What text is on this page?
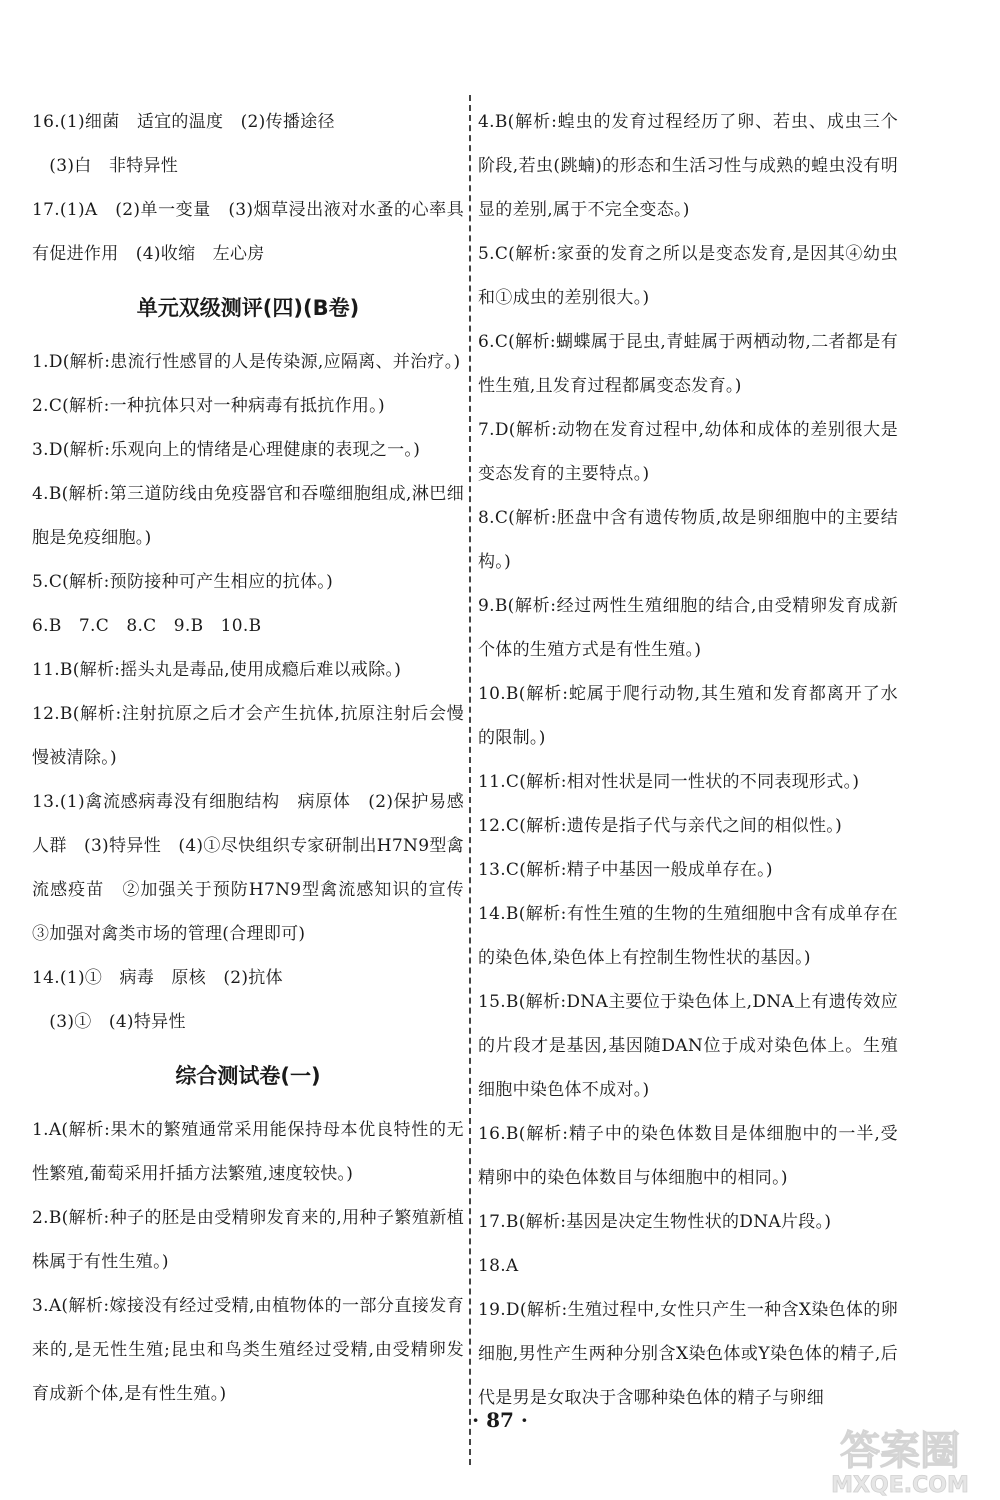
16.(1)细菌　适宜的温度　(2)传播途径

　(3)白　非特异性

17.(1)A　(2)单一变量　(3)烟草浸出液对水蚤的心率具有促进作用　(4)收缩　左心房

单元双级测评(四)(B卷)

1.D(解析:患流行性感冒的人是传染源,应隔离、并治疗。)

2.C(解析:一种抗体只对一种病毒有抵抗作用。)

3.D(解析:乐观向上的情绪是心理健康的表现之一。)

4.B(解析:第三道防线由免疫器官和吞噬细胞组成,淋巴细胞是免疫细胞。)

5.C(解析:预防接种可产生相应的抗体。)

6.B　7.C　8.C　9.B　10.B

11.B(解析:摇头丸是毒品,使用成瘾后难以戒除。)

12.B(解析:注射抗原之后才会产生抗体,抗原注射后会慢慢被清除。)

13.(1)禽流感病毒没有细胞结构　病原体　(2)保护易感人群　(3)特异性　(4)①尽快组织专家研制出H7N9型禽流感疫苗　②加强关于预防H7N9型禽流感知识的宣传　③加强对禽类市场的管理(合理即可)

14.(1)①　病毒　原核　(2)抗体

　(3)①　(4)特异性

综合测试卷(一)

1.A(解析:果木的繁殖通常采用能保持母本优良特性的无性繁殖,葡萄采用扦插方法繁殖,速度较快。)

2.B(解析:种子的胚是由受精卵发育来的,用种子繁殖新植株属于有性生殖。)

3.A(解析:嫁接没有经过受精,由植物体的一部分直接发育来的,是无性生殖;昆虫和鸟类生殖经过受精,由受精卵发育成新个体,是有性生殖。)

4.B(解析:蝗虫的发育过程经历了卵、若虫、成虫三个阶段,若虫(跳蝻)的形态和生活习性与成熟的蝗虫没有明显的差别,属于不完全变态。)

5.C(解析:家蚕的发育之所以是变态发育,是因其④幼虫和①成虫的差别很大。)

6.C(解析:蝴蝶属于昆虫,青蛙属于两栖动物,二者都是有性生殖,且发育过程都属变态发育。)

7.D(解析:动物在发育过程中,幼体和成体的差别很大是变态发育的主要特点。)

8.C(解析:胚盘中含有遗传物质,故是卵细胞中的主要结构。)

9.B(解析:经过两性生殖细胞的结合,由受精卵发育成新个体的生殖方式是有性生殖。)

10.B(解析:蛇属于爬行动物,其生殖和发育都离开了水的限制。)

11.C(解析:相对性状是同一性状的不同表现形式。)

12.C(解析:遗传是指子代与亲代之间的相似性。)

13.C(解析:精子中基因一般成单存在。)

14.B(解析:有性生殖的生物的生殖细胞中含有成单存在的染色体,染色体上有控制生物性状的基因。)

15.B(解析:DNA主要位于染色体上,DNA上有遗传效应的片段才是基因,基因随DAN位于成对染色体上。生殖细胞中染色体不成对。)

16.B(解析:精子中的染色体数目是体细胞中的一半,受精卵中的染色体数目与体细胞中的相同。)

17.B(解析:基因是决定生物性状的DNA片段。)

18.A

19.D(解析:生殖过程中,女性只产生一种含X染色体的卵细胞,男性产生两种分别含X染色体或Y染色体的精子,后代是男是女取决于含哪种染色体的精子与卵细

· 87 ·
答案圈
MXQE.COM
